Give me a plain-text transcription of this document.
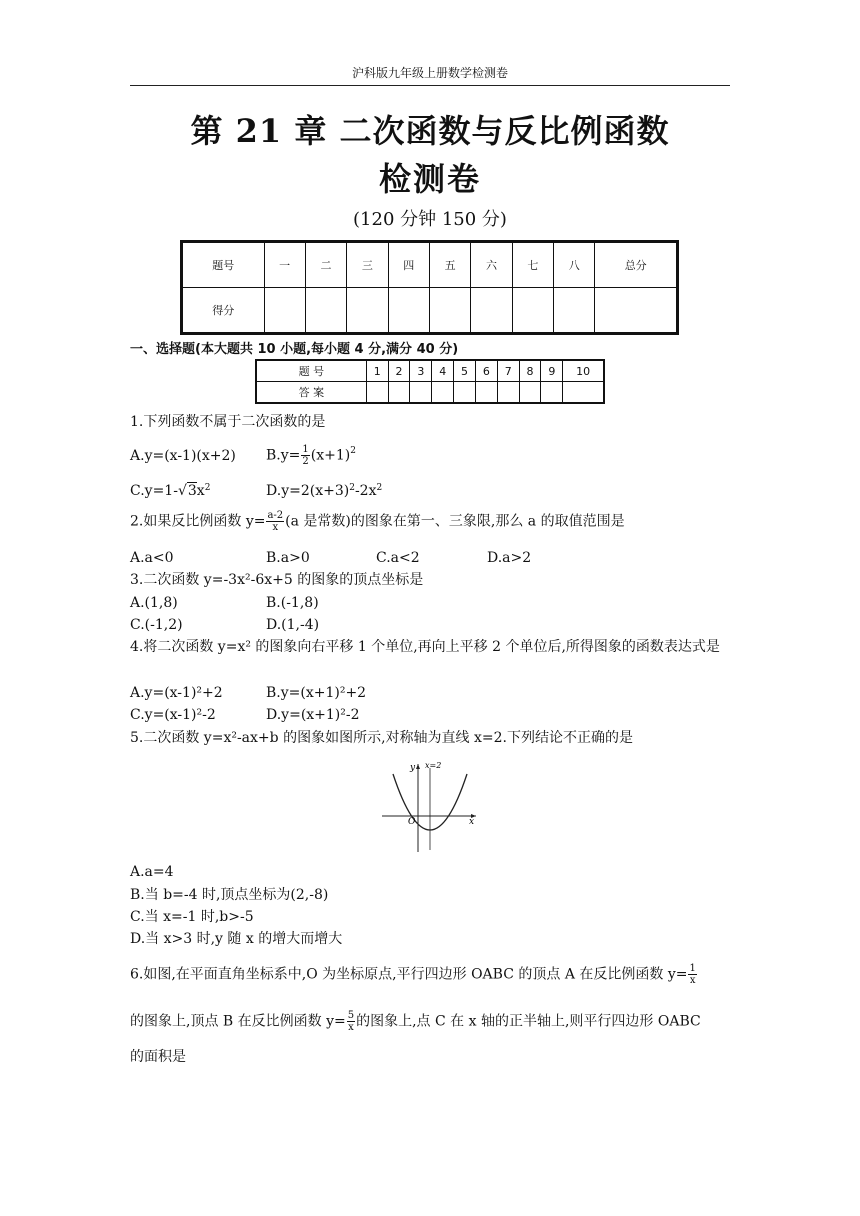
沪科版九年级上册数学检测卷
第 21 章 二次函数与反比例函数
检测卷
(120 分钟 150 分)
题号	一	二	三	四	五	六	七	八	总分
得分									
一、选择题(本大题共 10 小题,每小题 4 分,满分 40 分)
题 号	1	2	3	4	5	6	7	8	9	10
答 案										
1.下列函数不属于二次函数的是
A.y=(x-1)(x+2) $B.y= \frac{1}{2} (x+1)^2$
$C.y=1-√3x^2$	$D.y=2(x+3)^2-2x^2$
2.如果反比例函数 $y= \frac{a-2}{x} (a$ 是常数)的图象在第一、三象限,那么 a 的取值范围是
A.a<0	B.a>0	C.a<2	D.a>2
3.二次函数 y=-3x²-6x+5 的图象的顶点坐标是
A.(1,8)	B.(-1,8)
C.(-1,2)	D.(1,-4)
4.将二次函数 y=x² 的图象向右平移 1 个单位,再向上平移 2 个单位后,所得图象的函数表达式是
A.y=(x-1)²+2	B.y=(x+1)²+2
C.y=(x-1)²-2	D.y=(x+1)²-2
5.二次函数 y=x²-ax+b 的图象如图所示,对称轴为直线 x=2.下列结论不正确的是
y x=2
x
O
A.a=4
B.当 b=-4 时,顶点坐标为(2,-8)
C.当 x=-1 时,b>-5
D.当 x>3 时,y 随 x 的增大而增大
6.如图,在平面直角坐标系中,O 为坐标原点,平行四边形 OABC 的顶点 A 在反比例函数 $y= \frac{1}{x}$
的图象上,顶点 B 在反比例函数 $y= \frac{5}{x}$ 的图象上,点 C 在 x 轴的正半轴上,则平行四边形 OABC
的面积是
